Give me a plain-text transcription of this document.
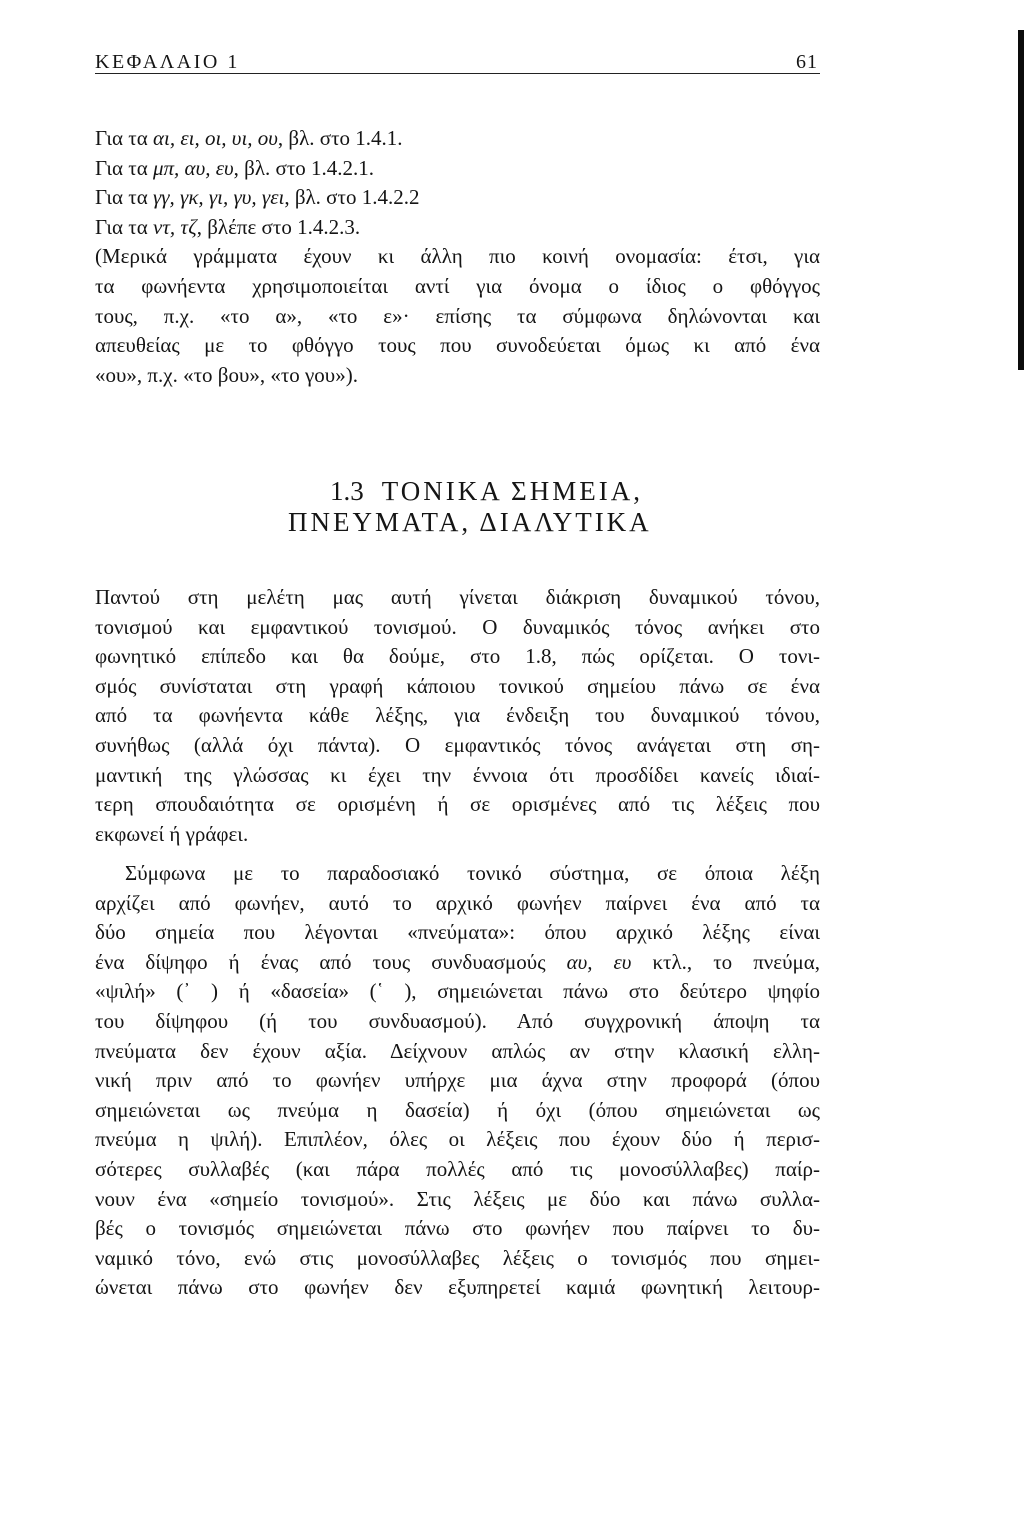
ΚΕΦΑΛΑΙΟ 1	61
Για τα αι, ει, οι, υι, ου, βλ. στο 1.4.1.
Για τα μπ, αυ, ευ, βλ. στο 1.4.2.1.
Για τα γγ, γκ, γι, γυ, γει, βλ. στο 1.4.2.2
Για τα ντ, τζ, βλέπε στο 1.4.2.3.
(Μερικά γράμματα έχουν κι άλλη πιο κοινή ονομασία: έτσι, για
τα φωνήεντα χρησιμοποιείται αντί για όνομα ο ίδιος ο φθόγγος
τους, π.χ. «το α», «το ε»· επίσης τα σύμφωνα δηλώνονται και
απευθείας με το φθόγγο τους που συνοδεύεται όμως κι από ένα
«ου», π.χ. «το βου», «το γου»).
1.3 ΤΟΝΙΚΑ ΣΗΜΕΙΑ,
ΠΝΕΥΜΑΤΑ, ΔΙΑΛΥΤΙΚΑ
Παντού στη μελέτη μας αυτή γίνεται διάκριση δυναμικού τόνου,
τονισμού και εμφαντικού τονισμού. Ο δυναμικός τόνος ανήκει στο
φωνητικό επίπεδο και θα δούμε, στο 1.8, πώς ορίζεται. Ο τονι-
σμός συνίσταται στη γραφή κάποιου τονικού σημείου πάνω σε ένα
από τα φωνήεντα κάθε λέξης, για ένδειξη του δυναμικού τόνου,
συνήθως (αλλά όχι πάντα). Ο εμφαντικός τόνος ανάγεται στη ση-
μαντική της γλώσσας κι έχει την έννοια ότι προσδίδει κανείς ιδιαί-
τερη σπουδαιότητα σε ορισμένη ή σε ορισμένες από τις λέξεις που
εκφωνεί ή γράφει.
Σύμφωνα με το παραδοσιακό τονικό σύστημα, σε όποια λέξη
αρχίζει από φωνήεν, αυτό το αρχικό φωνήεν παίρνει ένα από τα
δύο σημεία που λέγονται «πνεύματα»: όπου αρχικό λέξης είναι
ένα δίψηφο ή ένας από τους συνδυασμούς αυ, ευ κτλ., το πνεύμα,
«ψιλή» (᾿ ) ή «δασεία» (῾ ), σημειώνεται πάνω στο δεύτερο ψηφίο
του δίψηφου (ή του συνδυασμού). Από συγχρονική άποψη τα
πνεύματα δεν έχουν αξία. Δείχνουν απλώς αν στην κλασική ελλη-
νική πριν από το φωνήεν υπήρχε μια άχνα στην προφορά (όπου
σημειώνεται ως πνεύμα η δασεία) ή όχι (όπου σημειώνεται ως
πνεύμα η ψιλή). Επιπλέον, όλες οι λέξεις που έχουν δύο ή περισ-
σότερες συλλαβές (και πάρα πολλές από τις μονοσύλλαβες) παίρ-
νουν ένα «σημείο τονισμού». Στις λέξεις με δύο και πάνω συλλα-
βές ο τονισμός σημειώνεται πάνω στο φωνήεν που παίρνει το δυ-
ναμικό τόνο, ενώ στις μονοσύλλαβες λέξεις ο τονισμός που σημει-
ώνεται πάνω στο φωνήεν δεν εξυπηρετεί καμιά φωνητική λειτουρ-
